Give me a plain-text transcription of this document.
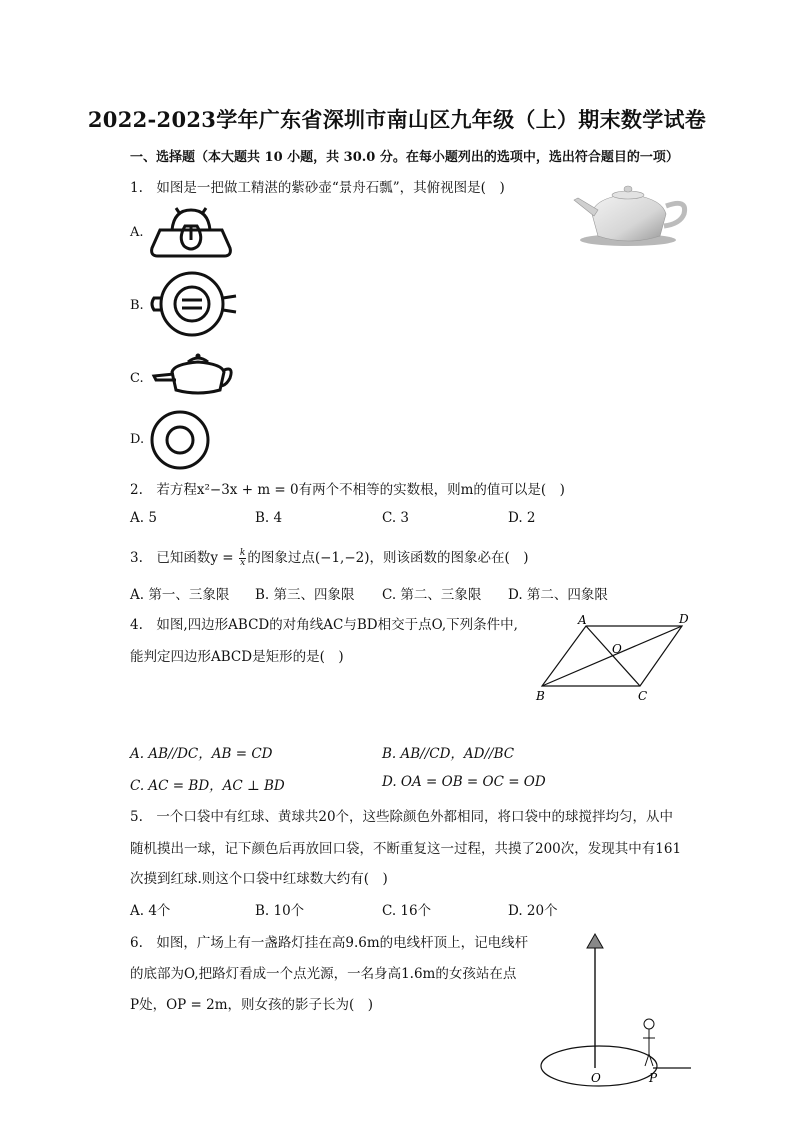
2022-2023学年广东省深圳市南山区九年级（上）期末数学试卷
一、选择题（本大题共 10 小题，共 30.0 分。在每小题列出的选项中，选出符合题目的一项）
1.　如图是一把做工精湛的紫砂壶“景舟石瓢”，其俯视图是(　)
A.
B.
C.
D.
2.　若方程x²−3x + m = 0有两个不相等的实数根，则m的值可以是(　)
A. 5	B. 4	C. 3	D. 2
3.　已知函数$y = \frac{k}{x}$ 的图象过点(−1,−2)，则该函数的图象必在(　)
A. 第一、三象限 B. 第三、四象限 C. 第二、三象限 D. 第二、四象限
4.　如图,四边形ABCD的对角线AC与BD相交于点O,下列条件中,
能判定四边形ABCD是矩形的是(　)
A	D
O
B	C
A. AB//DC，AB = CD	B. AB//CD，AD//BC
C. AC = BD，AC ⊥ BD	D. OA = OB = OC = OD
5.　一个口袋中有红球、黄球共20个，这些除颜色外都相同，将口袋中的球搅拌均匀，从中
随机摸出一球，记下颜色后再放回口袋，不断重复这一过程，共摸了200次，发现其中有161
次摸到红球.则这个口袋中红球数大约有(　)
A. 4个	B. 10个	C. 16个	D. 20个
6.　如图，广场上有一盏路灯挂在高9.6m的电线杆顶上，记电线杆
的底部为O,把路灯看成一个点光源，一名身高1.6m的女孩站在点
P处，OP = 2m，则女孩的影子长为(　)
O	P
